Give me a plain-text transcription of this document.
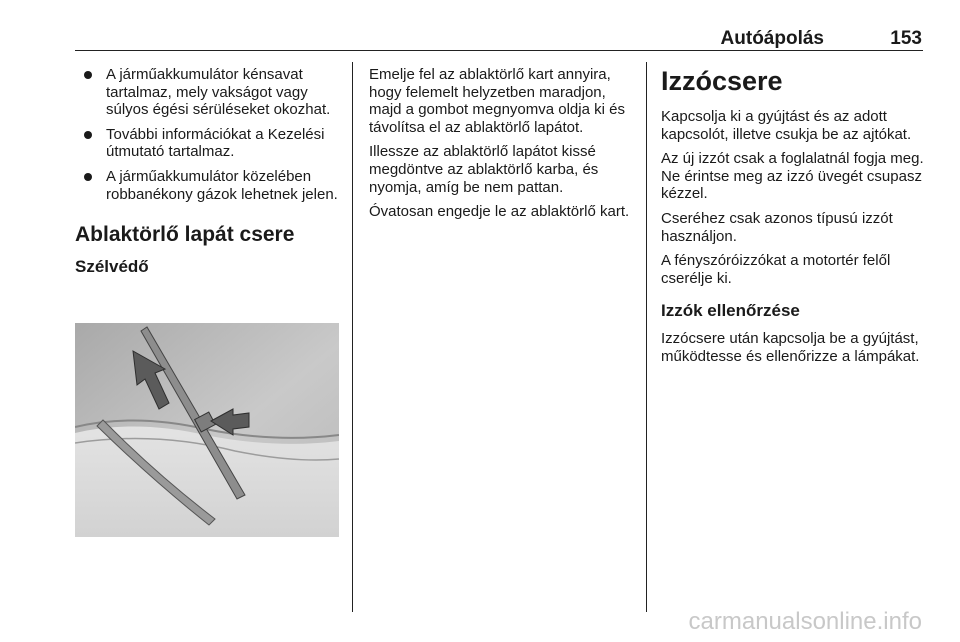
Autóápolás	153
A járműakkumulátor kénsavat tartalmaz, mely vakságot vagy súlyos égési sérüléseket okozhat.
További információkat a Kezelési útmutató tartalmaz.
A járműakkumulátor közelében robbanékony gázok lehetnek jelen.
Ablaktörlő lapát csere
Szélvédő

Emelje fel az ablaktörlő kart annyira, hogy felemelt helyzetben maradjon, majd a gombot megnyomva oldja ki és távolítsa el az ablaktörlő lapátot.

Illessze az ablaktörlő lapátot kissé megdöntve az ablaktörlő karba, és nyomja, amíg be nem pattan.

Óvatosan engedje le az ablaktörlő kart.

Izzócsere

Kapcsolja ki a gyújtást és az adott kapcsolót, illetve csukja be az ajtókat.

Az új izzót csak a foglalatnál fogja meg. Ne érintse meg az izzó üvegét csupasz kézzel.

Cseréhez csak azonos típusú izzót használjon.

A fényszóróizzókat a motortér felől cserélje ki.

Izzók ellenőrzése

Izzócsere után kapcsolja be a gyújtást, működtesse és ellenőrizze a lámpákat.

carmanualsonline.info
